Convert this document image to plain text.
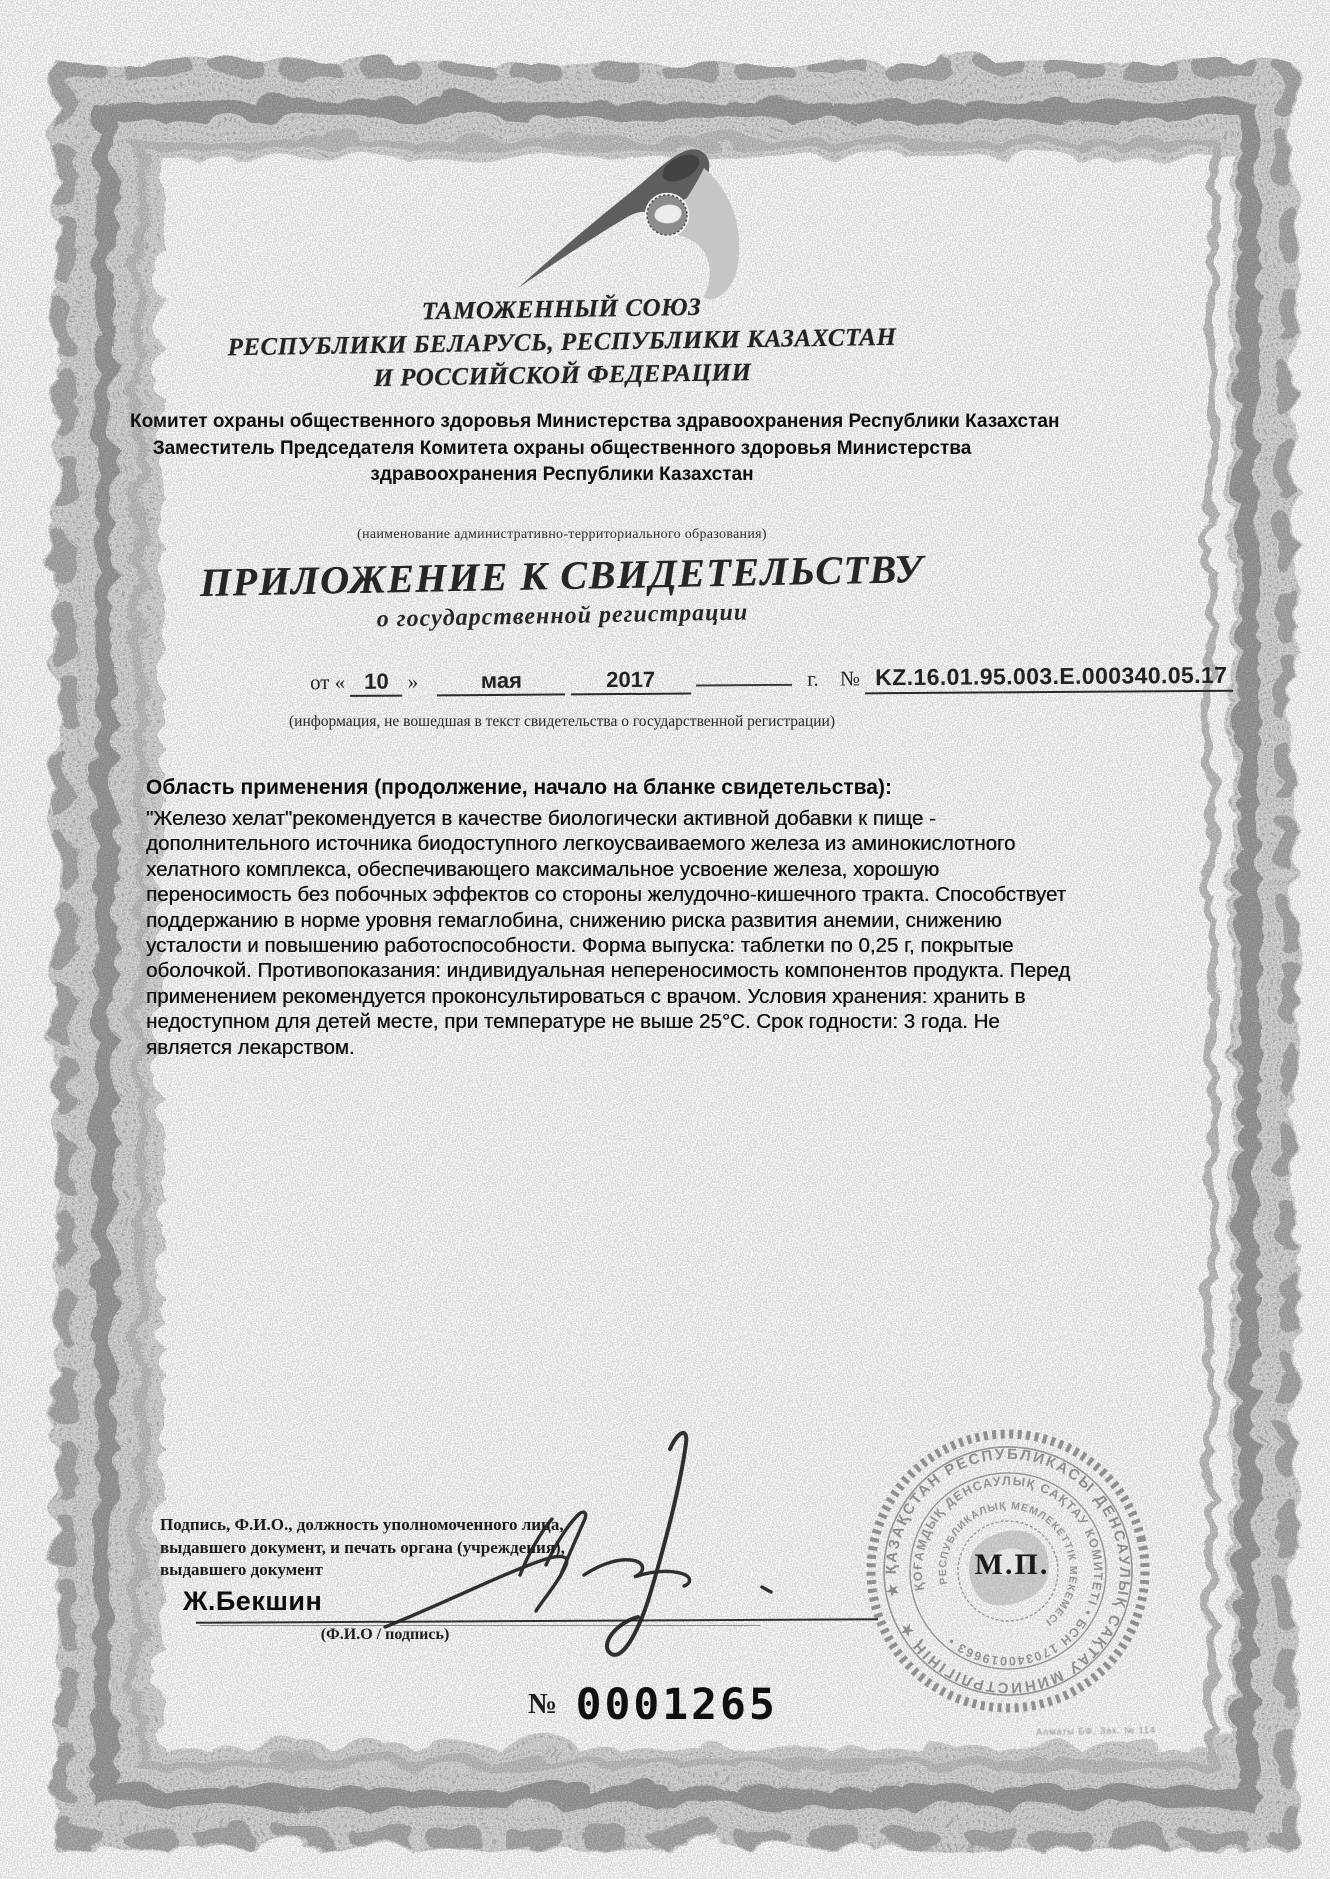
ТАМОЖЕННЫЙ СОЮЗ
РЕСПУБЛИКИ БЕЛАРУСЬ, РЕСПУБЛИКИ КАЗАХСТАН
И РОССИЙСКОЙ ФЕДЕРАЦИИ
Комитет охраны общественного здоровья Министерства здравоохранения Республики Казахстан
Заместитель Председателя Комитета охраны общественного здоровья Министерства
здравоохранения Республики Казахстан
(наименование административно-территориального образования)
ПРИЛОЖЕНИЕ К СВИДЕТЕЛЬСТВУ
о государственной регистрации
от « 10 »	мая	2017	г. № KZ.16.01.95.003.E.000340.05.17
(информация, не вошедшая в текст свидетельства о государственной регистрации)
Область применения (продолжение, начало на бланке свидетельства):
"Железо хелат"рекомендуется в качестве биологически активной добавки к пище -
дополнительного источника биодоступного легкоусваиваемого железа из аминокислотного
хелатного комплекса, обеспечивающего максимальное усвоение железа, хорошую
переносимость без побочных эффектов со стороны желудочно-кишечного тракта. Способствует
поддержанию в норме уровня гемаглобина, снижению риска развития анемии, снижению
усталости и повышению работоспособности. Форма выпуска: таблетки по 0,25 г, покрытые
оболочкой. Противопоказания: индивидуальная непереносимость компонентов продукта. Перед
применением рекомендуется проконсультироваться с врачом. Условия хранения: хранить в
недоступном для детей месте, при температуре не выше 25°С. Срок годности: 3 года. Не
является лекарством.
Подпись, Ф.И.О., должность уполномоченного лица,
выдавшего документ, и печать органа (учреждения),
выдавшего документ
Ж.Бекшин
(Ф.И.О / подпись)
★ ҚАЗАҚСТАН РЕСПУБЛИКАСЫ ДЕНСАУЛЫҚ САҚТАУ МИНИСТРЛІГІНІҢ ★
ҚОҒАМДЫҚ ДЕНСАУЛЫҚ САҚТАУ КОМИТЕТІ • БСН 170340019663 •
РЕСПУБЛИКАЛЫҚ МЕМЛЕКЕТТІК МЕКЕМЕСІ
М.П.
№ 0001265
Алматы БФ. Зак. № 114
